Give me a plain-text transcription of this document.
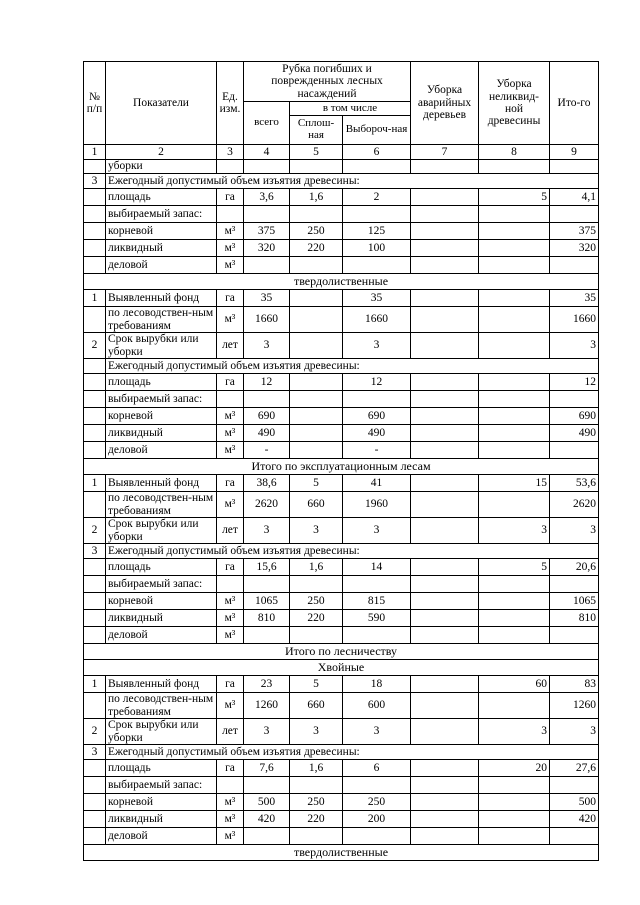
№ п/п	Показатели	Ед. изм.	Рубка погибших и поврежденных лесных насаждений			Уборка аварийных деревьев	Уборка неликвид-ной древесины	Ито-го
			всего	в том числе				
				Сплош-ная	Выбороч-ная			
1	2	3	4	5	6	7	8	9
	уборки							
3	Ежегодный допустимый объем изъятия древесины:							
	площадь	га	3,6	1,6	2		5	4,1
	выбираемый запас:							
	корневой	м³	375	250	125			375
	ликвидный	м³	320	220	100			320
	деловой	м³						
твердолиственные								
1	Выявленный фонд	га	35		35			35
	по лесоводствен-ным требованиям	м³	1660		1660			1660
2	Срок вырубки или уборки	лет	3		3			3
	Ежегодный допустимый объем изъятия древесины:							
	площадь	га	12		12			12
	выбираемый запас:							
	корневой	м³	690		690			690
	ликвидный	м³	490		490			490
	деловой	м³	-		-			
Итого по эксплуатационным лесам								
1	Выявленный фонд	га	38,6	5	41		15	53,6
	по лесоводствен-ным требованиям	м³	2620	660	1960			2620
2	Срок вырубки или уборки	лет	3	3	3		3	3
3	Ежегодный допустимый объем изъятия древесины:							
	площадь	га	15,6	1,6	14		5	20,6
	выбираемый запас:							
	корневой	м³	1065	250	815			1065
	ликвидный	м³	810	220	590			810
	деловой	м³						
Итого по лесничеству								
Хвойные								
1	Выявленный фонд	га	23	5	18		60	83
	по лесоводствен-ным требованиям	м³	1260	660	600			1260
2	Срок вырубки или уборки	лет	3	3	3		3	3
3	Ежегодный допустимый объем изъятия древесины:							
	площадь	га	7,6	1,6	6		20	27,6
	выбираемый запас:							
	корневой	м³	500	250	250			500
	ликвидный	м³	420	220	200			420
	деловой	м³						
твердолиственные								
